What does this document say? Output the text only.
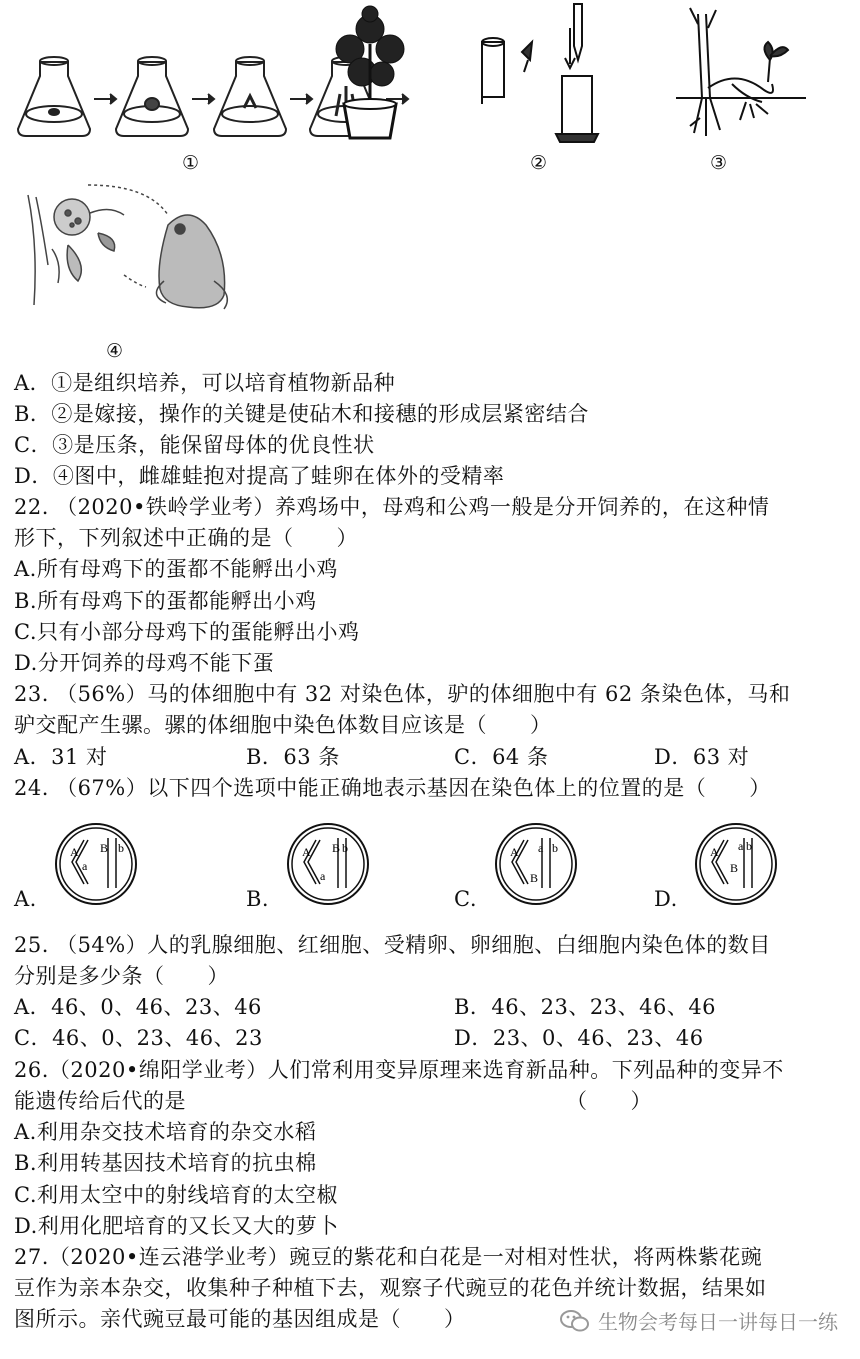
①	②	③
④
A．①是组织培养，可以培育植物新品种
B．②是嫁接，操作的关键是使砧木和接穗的形成层紧密结合
C．③是压条，能保留母体的优良性状
D．④图中，雌雄蛙抱对提高了蛙卵在体外的受精率
22. （2020•铁岭学业考）养鸡场中，母鸡和公鸡一般是分开饲养的，在这种情
形下，下列叙述中正确的是（　　）
A.所有母鸡下的蛋都不能孵出小鸡
B.所有母鸡下的蛋都能孵出小鸡
C.只有小部分母鸡下的蛋能孵出小鸡
D.分开饲养的母鸡不能下蛋
23. （56%）马的体细胞中有 32 对染色体，驴的体细胞中有 62 条染色体，马和
驴交配产生骡。骡的体细胞中染色体数目应该是（　　）
A．31 对	B．63 条	C．64 条	D．63 对
24. （67%）以下四个选项中能正确地表示基因在染色体上的位置的是（　　）
A.	B.	C.	D.
A
a
B b	A
a
B b	A
B
a b	A
B
a b
25. （54%）人的乳腺细胞、红细胞、受精卵、卵细胞、白细胞内染色体的数目
分别是多少条（　　）
A．46、0、46、23、46	B．46、23、23、46、46
C．46、0、23、46、23	D．23、0、46、23、46
26.（2020•绵阳学业考）人们常利用变异原理来选育新品种。下列品种的变异不
能遗传给后代的是	（　　）
A.利用杂交技术培育的杂交水稻
B.利用转基因技术培育的抗虫棉
C.利用太空中的射线培育的太空椒
D.利用化肥培育的又长又大的萝卜
27.（2020•连云港学业考）豌豆的紫花和白花是一对相对性状，将两株紫花豌
豆作为亲本杂交，收集种子种植下去，观察子代豌豆的花色并统计数据，结果如
图所示。亲代豌豆最可能的基因组成是（　　）	生物会考每日一讲每日一练
